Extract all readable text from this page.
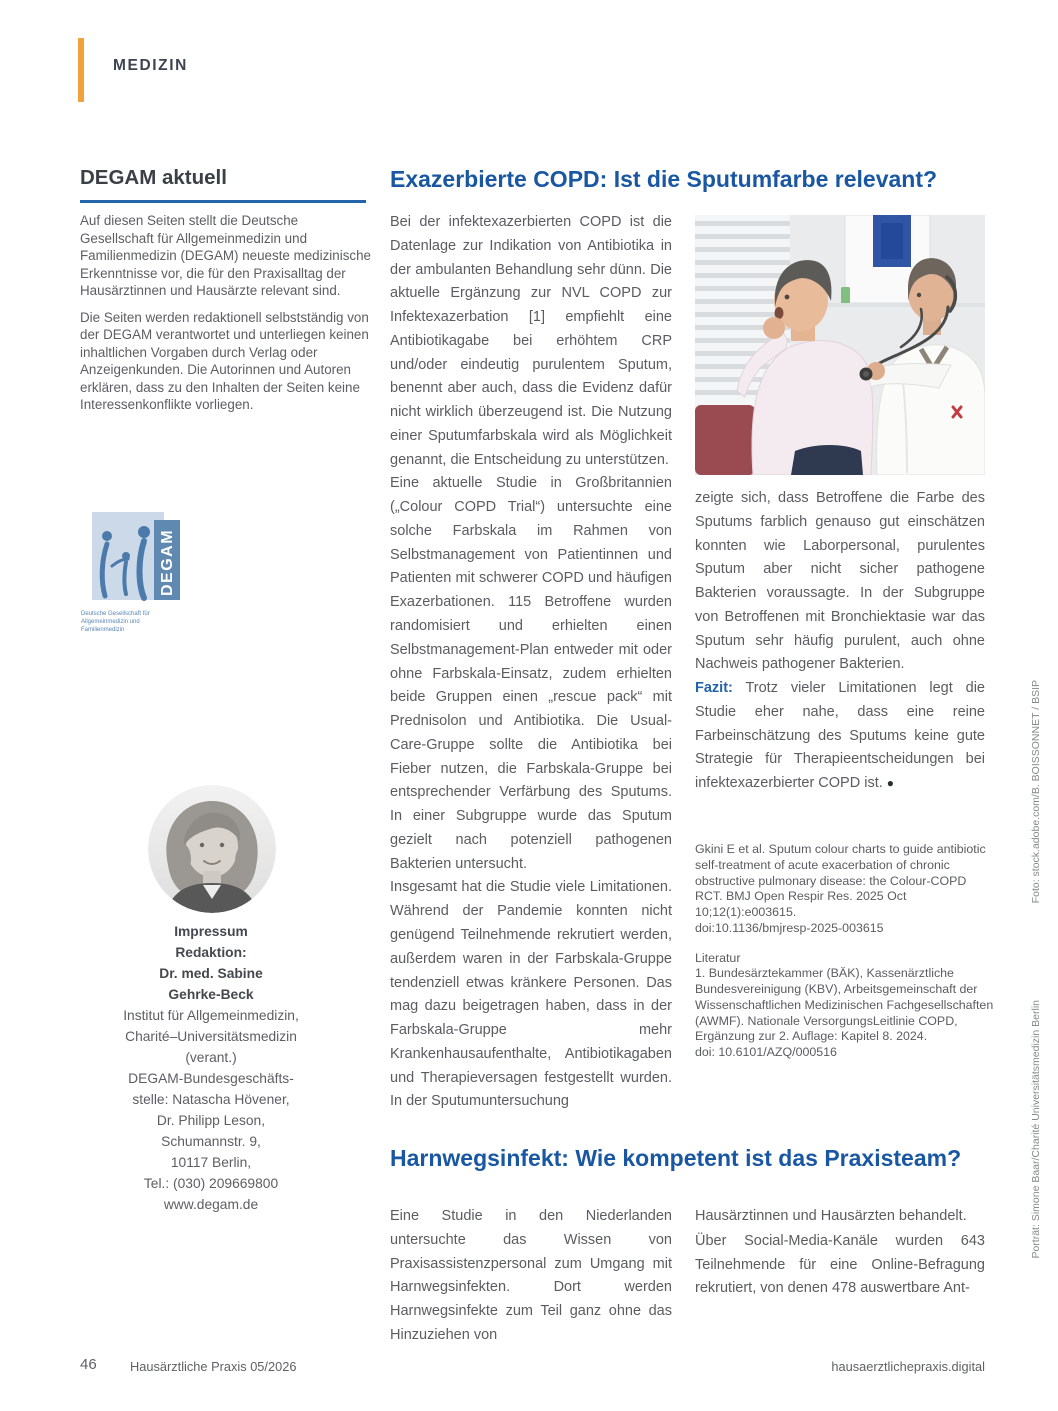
MEDIZIN
DEGAM aktuell

Auf diesen Seiten stellt die Deutsche Gesellschaft für Allgemeinmedizin und Familienmedizin (DEGAM) neueste medizinische Erkenntnisse vor, die für den Praxisalltag der Hausärztinnen und Hausärzte relevant sind.

Die Seiten werden redaktionell selbstständig von der DEGAM verantwortet und unterliegen keinen inhaltlichen Vorgaben durch Verlag oder Anzeigenkunden. Die Autorinnen und Autoren erklären, dass zu den Inhalten der Seiten keine Interessenkonflikte vorliegen.

DEGAM
Deutsche Gesellschaft für
Allgemeinmedizin und Familienmedizin
Impressum
Redaktion:
Dr. med. Sabine
Gehrke-Beck
Institut für Allgemeinmedizin,
Charité–Universitätsmedizin
(verant.)
DEGAM-Bundesgeschäfts-
stelle: Natascha Hövener,
Dr. Philipp Leson,
Schumannstr. 9,
10117 Berlin,
Tel.: (030) 209669800
www.degam.de
Exazerbierte COPD: Ist die Sputumfarbe relevant?

Bei der infektexazerbierten COPD ist die Datenlage zur Indikation von Antibiotika in der ambulanten Behandlung sehr dünn. Die aktuelle Ergänzung zur NVL COPD zur Infektexazerbation [1] empfiehlt eine Antibiotikagabe bei erhöhtem CRP und/oder eindeutig purulentem Sputum, benennt aber auch, dass die Evidenz dafür nicht wirklich überzeugend ist. Die Nutzung einer Sputumfarbskala wird als Möglichkeit genannt, die Entscheidung zu unterstützen.

Eine aktuelle Studie in Großbritannien („Colour COPD Trial“) untersuchte eine solche Farbskala im Rahmen von Selbstmanagement von Patientinnen und Patienten mit schwerer COPD und häufigen Exazerbationen. 115 Betroffene wurden randomisiert und erhielten einen Selbstmanagement-Plan entweder mit oder ohne Farbskala-Einsatz, zudem erhielten beide Gruppen einen „rescue pack“ mit Prednisolon und Antibiotika. Die Usual-Care-Gruppe sollte die Antibiotika bei Fieber nutzen, die Farbskala-Gruppe bei entsprechender Verfärbung des Sputums. In einer Subgruppe wurde das Sputum gezielt nach potenziell pathogenen Bakterien untersucht.

Insgesamt hat die Studie viele Limitationen. Während der Pandemie konnten nicht genügend Teilnehmende rekrutiert werden, außerdem waren in der Farbskala-Gruppe tendenziell etwas kränkere Personen. Das mag dazu beigetragen haben, dass in der Farbskala-Gruppe mehr Krankenhausaufenthalte, Antibiotikagaben und Therapieversagen festgestellt wurden. In der Sputumuntersuchung

zeigte sich, dass Betroffene die Farbe des Sputums farblich genauso gut einschätzen konnten wie Laborpersonal, purulentes Sputum aber nicht sicher pathogene Bakterien voraussagte. In der Subgruppe von Betroffenen mit Bronchiektasie war das Sputum sehr häufig purulent, auch ohne Nachweis pathogener Bakterien.

Fazit: Trotz vieler Limitationen legt die Studie eher nahe, dass eine reine Farbeinschätzung des Sputums keine gute Strategie für Therapieentscheidungen bei infektexazerbierter COPD ist. ●

Gkini E et al. Sputum colour charts to guide antibiotic self-treatment of acute exacerbation of chronic obstructive pulmonary disease: the Colour-COPD RCT. BMJ Open Respir Res. 2025 Oct 10;12(1):e003615.

doi:10.1136/bmjresp-2025-003615

Literatur

1. Bundesärztekammer (BÄK), Kassenärztliche Bundesvereinigung (KBV), Arbeitsgemeinschaft der Wissenschaftlichen Medizinischen Fachgesellschaften (AWMF). Nationale VersorgungsLeitlinie COPD, Ergänzung zur 2. Auflage: Kapitel 8. 2024.

doi: 10.6101/AZQ/000516

Harnwegsinfekt: Wie kompetent ist das Praxisteam?

Eine Studie in den Niederlanden untersuchte das Wissen von Praxisassistenzpersonal zum Umgang mit Harnwegsinfekten. Dort werden Harnwegsinfekte zum Teil ganz ohne das Hinzuziehen von

Hausärztinnen und Hausärzten behandelt.

Über Social-Media-Kanäle wurden 643 Teilnehmende für eine Online-Befragung rekrutiert, von denen 478 auswertbare Ant-

46	Hausärztliche Praxis 05/2026	hausaerztlichepraxis.digital
Foto: stock.adobe.com/B. BOISSONNET / BSIP
Porträt: Simone Baar/Charité Universitätsmedizin Berlin
